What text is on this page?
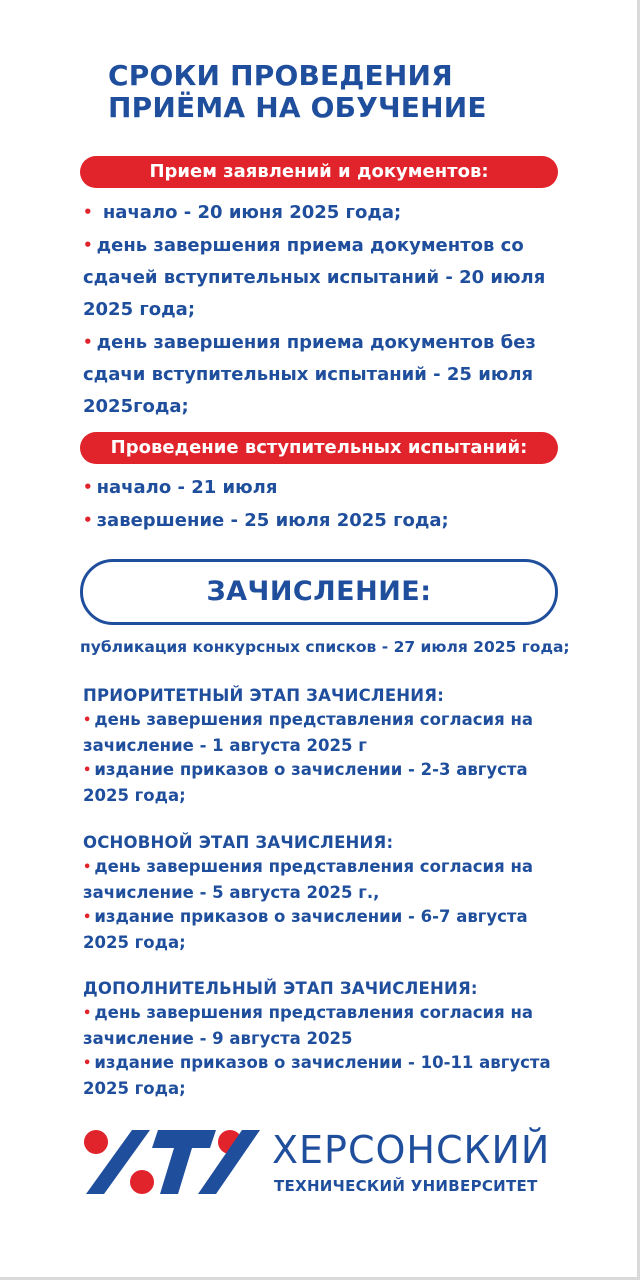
СРОКИ ПРОВЕДЕНИЯ
ПРИЁМА НА ОБУЧЕНИЕ
Прием заявлений и документов:
• начало - 20 июня 2025 года;
• день завершения приема документов со сдачей вступительных испытаний - 20 июля 2025 года;
• день завершения приема документов без сдачи вступительных испытаний - 25 июля 2025года;
Проведение вступительных испытаний:
• начало - 21 июля
• завершение - 25 июля 2025 года;
ЗАЧИСЛЕНИЕ:
публикация конкурсных списков - 27 июля 2025 года;
ПРИОРИТЕТНЫЙ ЭТАП ЗАЧИСЛЕНИЯ:
• день завершения представления согласия на зачисление - 1 августа 2025 г
• издание приказов о зачислении - 2-3 августа 2025 года;
ОСНОВНОЙ ЭТАП ЗАЧИСЛЕНИЯ:
• день завершения представления согласия на зачисление - 5 августа 2025 г.,
• издание приказов о зачислении - 6-7 августа 2025 года;
ДОПОЛНИТЕЛЬНЫЙ ЭТАП ЗАЧИСЛЕНИЯ:
• день завершения представления согласия на зачисление - 9 августа 2025
• издание приказов о зачислении - 10-11 августа 2025 года;
ХЕРСОНСКИЙ
ТЕХНИЧЕСКИЙ УНИВЕРСИТЕТ
